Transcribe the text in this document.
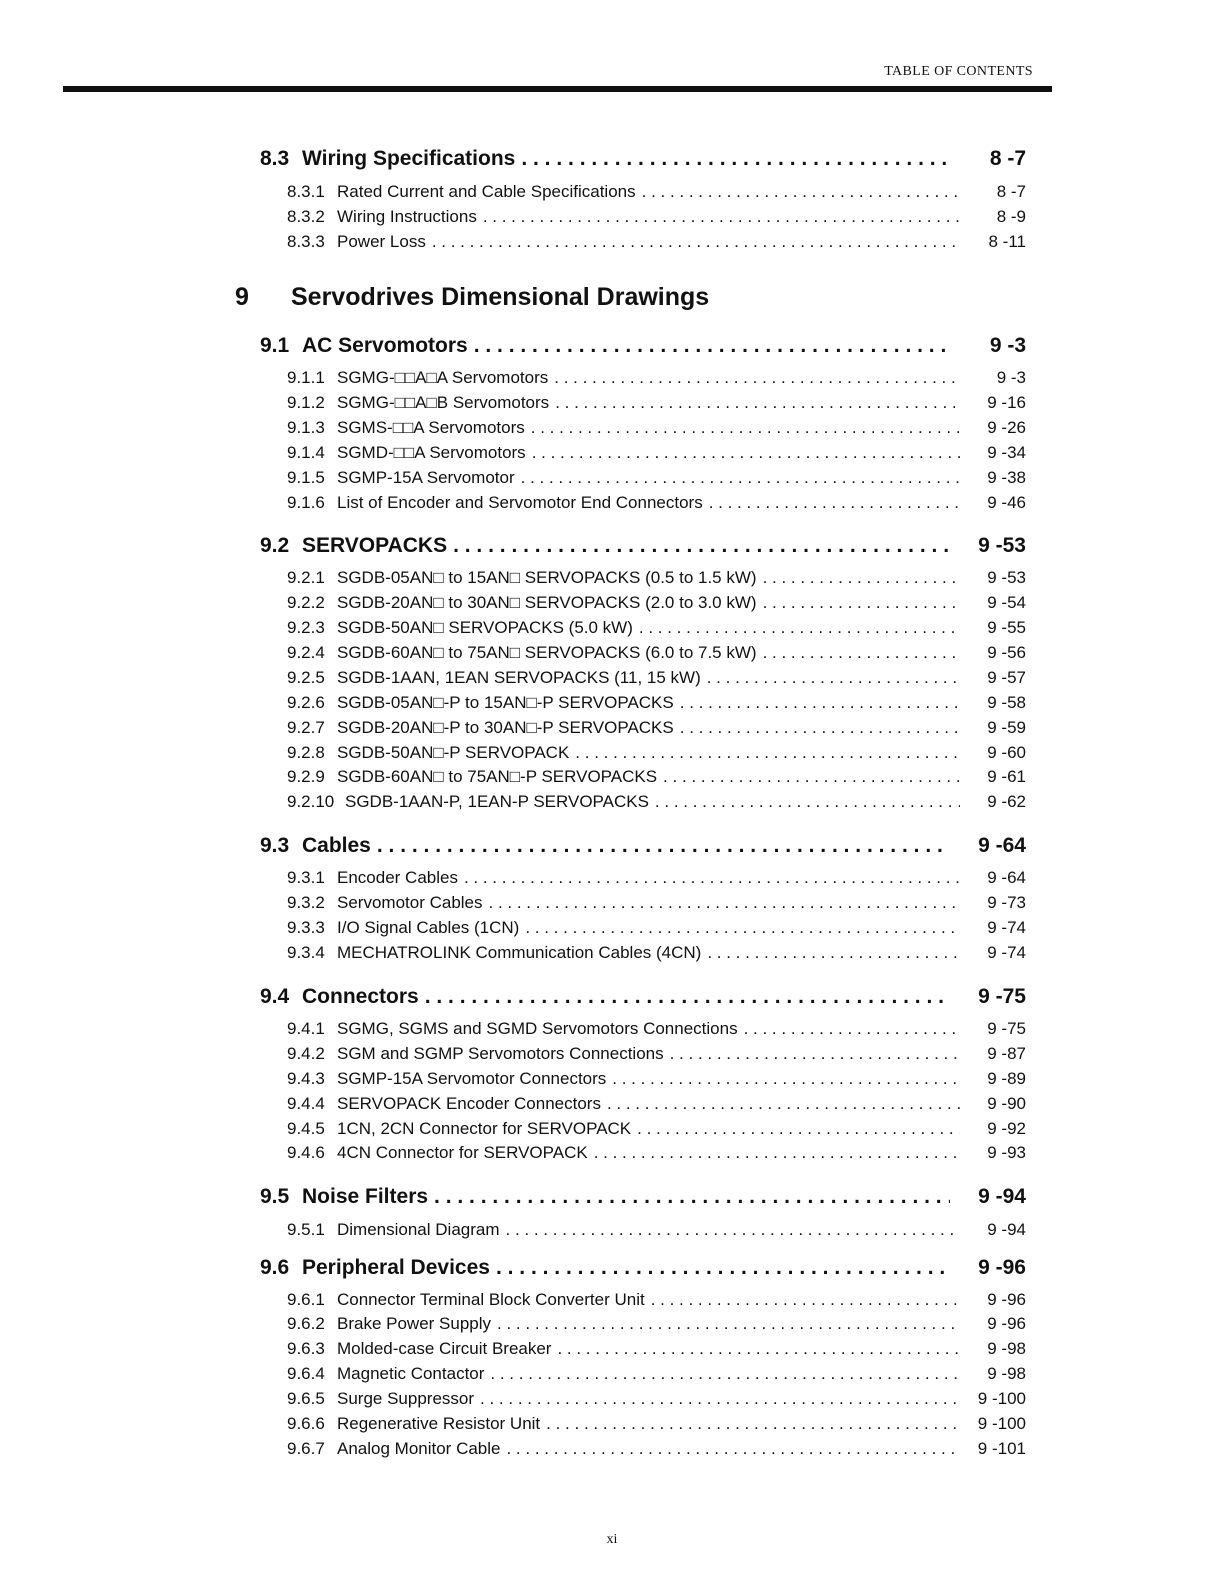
TABLE OF CONTENTS
8.3 Wiring Specifications . . .	8 -7
8.3.1 Rated Current and Cable Specifications . . .	8 -7
8.3.2 Wiring Instructions . . .	8 -9
8.3.3 Power Loss . . .	8 -11
9	Servodrives Dimensional Drawings
9.1 AC Servomotors . . .	9 -3
9.1.1 SGMG-□□A□A Servomotors . . .	9 -3
9.1.2 SGMG-□□A□B Servomotors . . .	9 -16
9.1.3 SGMS-□□A Servomotors . . .	9 -26
9.1.4 SGMD-□□A Servomotors . . .	9 -34
9.1.5 SGMP-15A Servomotor . . .	9 -38
9.1.6 List of Encoder and Servomotor End Connectors . . .	9 -46
9.2 SERVOPACKS . . .	9 -53
9.2.1 SGDB-05AN□ to 15AN□ SERVOPACKS (0.5 to 1.5 kW) . . .	9 -53
9.2.2 SGDB-20AN□ to 30AN□ SERVOPACKS (2.0 to 3.0 kW) . . .	9 -54
9.2.3 SGDB-50AN□ SERVOPACKS (5.0 kW) . . .	9 -55
9.2.4 SGDB-60AN□ to 75AN□ SERVOPACKS (6.0 to 7.5 kW) . . .	9 -56
9.2.5 SGDB-1AAN, 1EAN SERVOPACKS (11, 15 kW) . . .	9 -57
9.2.6 SGDB-05AN□-P to 15AN□-P SERVOPACKS . . .	9 -58
9.2.7 SGDB-20AN□-P to 30AN□-P SERVOPACKS . . .	9 -59
9.2.8 SGDB-50AN□-P SERVOPACK . . .	9 -60
9.2.9 SGDB-60AN□ to 75AN□-P SERVOPACKS . . .	9 -61
9.2.10 SGDB-1AAN-P, 1EAN-P SERVOPACKS . . .	9 -62
9.3 Cables . . .	9 -64
9.3.1 Encoder Cables . . .	9 -64
9.3.2 Servomotor Cables . . .	9 -73
9.3.3 I/O Signal Cables (1CN) . . .	9 -74
9.3.4 MECHATROLINK Communication Cables (4CN) . . .	9 -74
9.4 Connectors . . .	9 -75
9.4.1 SGMG, SGMS and SGMD Servomotors Connections . . .	9 -75
9.4.2 SGM and SGMP Servomotors Connections . . .	9 -87
9.4.3 SGMP-15A Servomotor Connectors . . .	9 -89
9.4.4 SERVOPACK Encoder Connectors . . .	9 -90
9.4.5 1CN, 2CN Connector for SERVOPACK . . .	9 -92
9.4.6 4CN Connector for SERVOPACK . . .	9 -93
9.5 Noise Filters . . .	9 -94
9.5.1 Dimensional Diagram . . .	9 -94
9.6 Peripheral Devices . . .	9 -96
9.6.1 Connector Terminal Block Converter Unit . . .	9 -96
9.6.2 Brake Power Supply . . .	9 -96
9.6.3 Molded-case Circuit Breaker . . .	9 -98
9.6.4 Magnetic Contactor . . .	9 -98
9.6.5 Surge Suppressor . . .	9 -100
9.6.6 Regenerative Resistor Unit . . .	9 -100
9.6.7 Analog Monitor Cable . . .	9 -101
xi
